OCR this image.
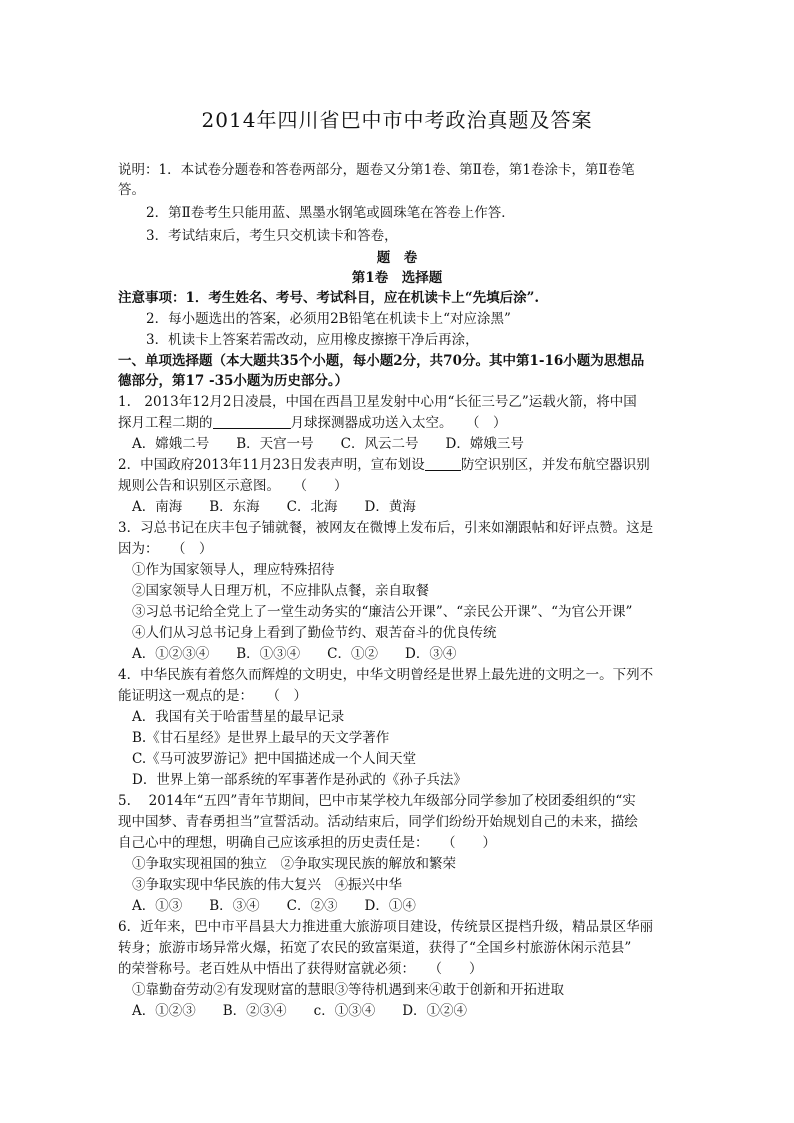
2014年四川省巴中市中考政治真题及答案
说明：1．本试卷分题卷和答卷两部分，题卷又分第1卷、第Ⅱ卷，第1卷涂卡，第Ⅱ卷笔
答。
2．第Ⅱ卷考生只能用蓝、黑墨水钢笔或圆珠笔在答卷上作答．
3．考试结束后，考生只交机读卡和答卷，
题　卷
第1卷　选择题
注意事项：1．考生姓名、考号、考试科目，应在机读卡上“先填后涂”.
2．每小题选出的答案，必须用2B铅笔在机读卡上“对应涂黑”
3．机读卡上答案若需改动，应用橡皮擦擦干净后再涂，
一、单项选择题（本大题共35个小题，每小题2分，共70分。其中第1-16小题为思想品
德部分，第17 -35小题为历史部分。）
1.　2013年12月2日凌晨，中国在西昌卫星发射中心用“长征三号乙”运载火箭，将中国
探月工程二期的	月球探测器成功送入太空。　　（　）
A．嫦娥二号　　B．天宫一号　　C．风云二号　　D．嫦娥三号
2．中国政府2013年11月23日发表声明，宣布划设	防空识别区，并发布航空器识别
规则公告和识别区示意图。　　（　　）
A．南海　　B．东海　　C．北海　　D．黄海
3．习总书记在庆丰包子铺就餐，被网友在微博上发布后，引来如潮跟帖和好评点赞。这是
因为：　　（　）
①作为国家领导人，理应特殊招待
②国家领导人日理万机，不应排队点餐，亲自取餐
③习总书记给全党上了一堂生动务实的“廉洁公开课”、“亲民公开课”、“为官公开课”
④人们从习总书记身上看到了勤俭节约、艰苦奋斗的优良传统
A．①②③④　　B．①③④　　C．①②　　D．③④
4．中华民族有着悠久而辉煌的文明史，中华文明曾经是世界上最先进的文明之一。下列不
能证明这一观点的是：　　（　）
A．我国有关于哈雷彗星的最早记录
B.《甘石星经》是世界上最早的天文学著作
C.《马可波罗游记》把中国描述成一个人间天堂
D．世界上第一部系统的军事著作是孙武的《孙子兵法》
5.　 2014年“五四”青年节期间，巴中市某学校九年级部分同学参加了校团委组织的“实
现中国梦、青春勇担当”宣誓活动。活动结束后，同学们纷纷开始规划自己的未来，描绘
自己心中的理想，明确自己应该承担的历史责任是：　　（　　）
①争取实现祖国的独立　②争取实现民族的解放和繁荣
③争取实现中华民族的伟大复兴　④振兴中华
A．①③　　B．③④　　C．②③　　D．①④
6．近年来，巴中市平昌县大力推进重大旅游项目建设，传统景区提档升级，精品景区华丽
转身；旅游市场异常火爆，拓宽了农民的致富渠道，获得了“全国乡村旅游休闲示范县”
的荣誉称号。老百姓从中悟出了获得财富就必须：　　（　　）
①靠勤奋劳动②有发现财富的慧眼③等待机遇到来④敢于创新和开拓进取
A．①②③　　B．②③④　　c．①③④　　D．①②④
